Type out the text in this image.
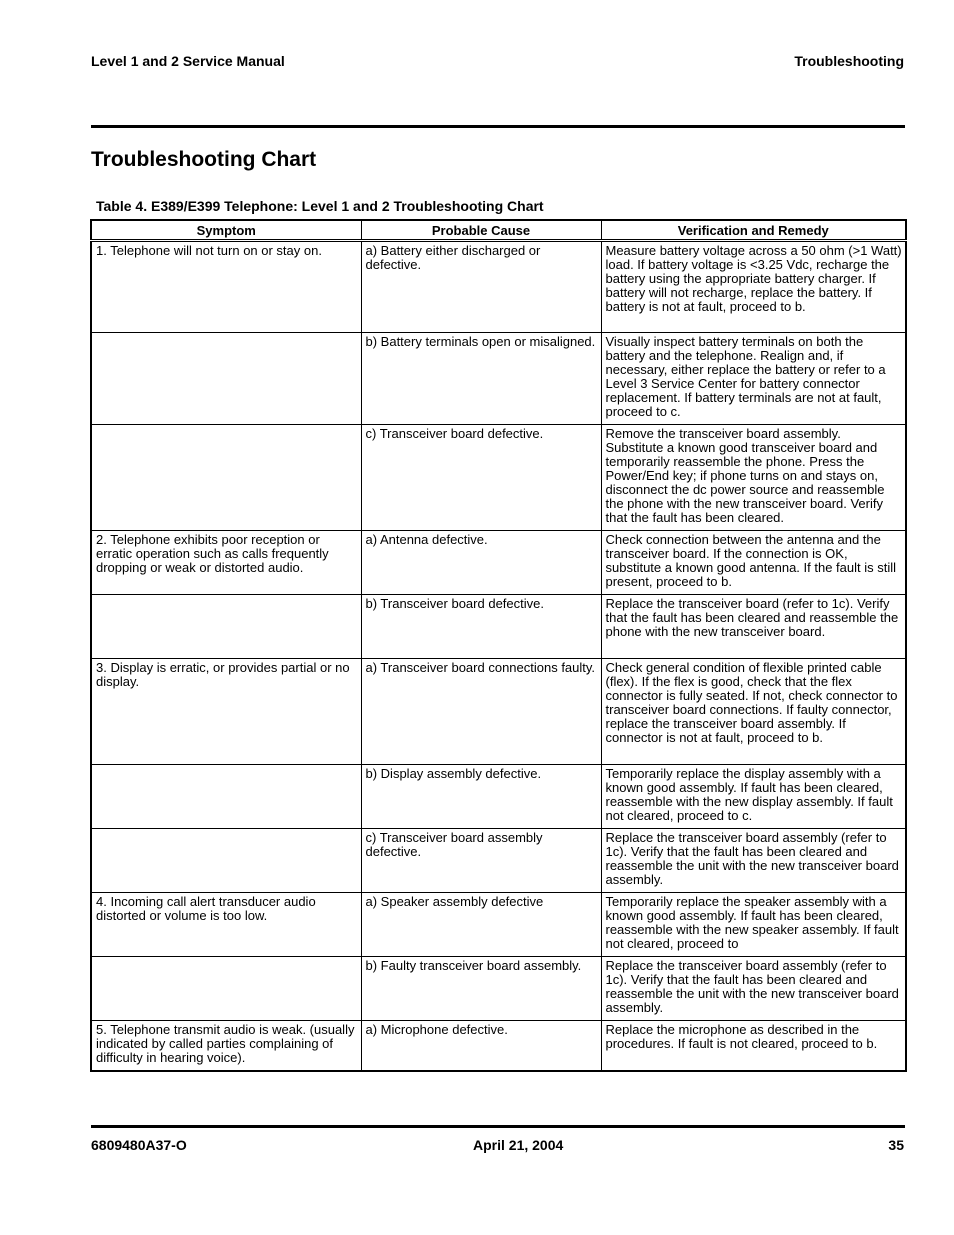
Level 1 and 2 Service Manual	Troubleshooting
Troubleshooting Chart
Table 4. E389/E399 Telephone: Level 1 and 2 Troubleshooting Chart
Symptom	Probable Cause	Verification and Remedy
1. Telephone will not turn on or stay on.	a) Battery either discharged or defective.	Measure battery voltage across a 50 ohm (>1 Watt) load. If battery voltage is <3.25 Vdc, recharge the battery using the appropriate battery charger. If battery will not recharge, replace the battery. If battery is not at fault, proceed to b.
	b) Battery terminals open or misaligned.	Visually inspect battery terminals on both the battery and the telephone. Realign and, if necessary, either replace the battery or refer to a Level 3 Service Center for battery connector replacement. If battery terminals are not at fault, proceed to c.
	c) Transceiver board defective.	Remove the transceiver board assembly. Substitute a known good transceiver board and temporarily reassemble the phone. Press the Power/End key; if phone turns on and stays on, disconnect the dc power source and reassemble the phone with the new transceiver board. Verify that the fault has been cleared.
2. Telephone exhibits poor reception or erratic operation such as calls frequently dropping or weak or distorted audio.	a) Antenna defective.	Check connection between the antenna and the transceiver board. If the connection is OK, substitute a known good antenna. If the fault is still present, proceed to b.
	b) Transceiver board defective.	Replace the transceiver board (refer to 1c). Verify that the fault has been cleared and reassemble the phone with the new transceiver board.
3. Display is erratic, or provides partial or no display.	a) Transceiver board connections faulty.	Check general condition of flexible printed cable (flex). If the flex is good, check that the flex connector is fully seated. If not, check connector to transceiver board connections. If faulty connector, replace the transceiver board assembly. If connector is not at fault, proceed to b.
	b) Display assembly defective.	Temporarily replace the display assembly with a known good assembly. If fault has been cleared, reassemble with the new display assembly. If fault not cleared, proceed to c.
	c) Transceiver board assembly defective.	Replace the transceiver board assembly (refer to 1c). Verify that the fault has been cleared and reassemble the unit with the new transceiver board assembly.
4. Incoming call alert transducer audio distorted or volume is too low.	a) Speaker assembly defective	Temporarily replace the speaker assembly with a known good assembly. If fault has been cleared, reassemble with the new speaker assembly. If fault not cleared, proceed to
	b) Faulty transceiver board assembly.	Replace the transceiver board assembly (refer to 1c). Verify that the fault has been cleared and reassemble the unit with the new transceiver board assembly.
5. Telephone transmit audio is weak. (usually indicated by called parties complaining of difficulty in hearing voice).	a) Microphone defective.	Replace the microphone as described in the procedures. If fault is not cleared, proceed to b.
6809480A37-O	April 21, 2004	35
